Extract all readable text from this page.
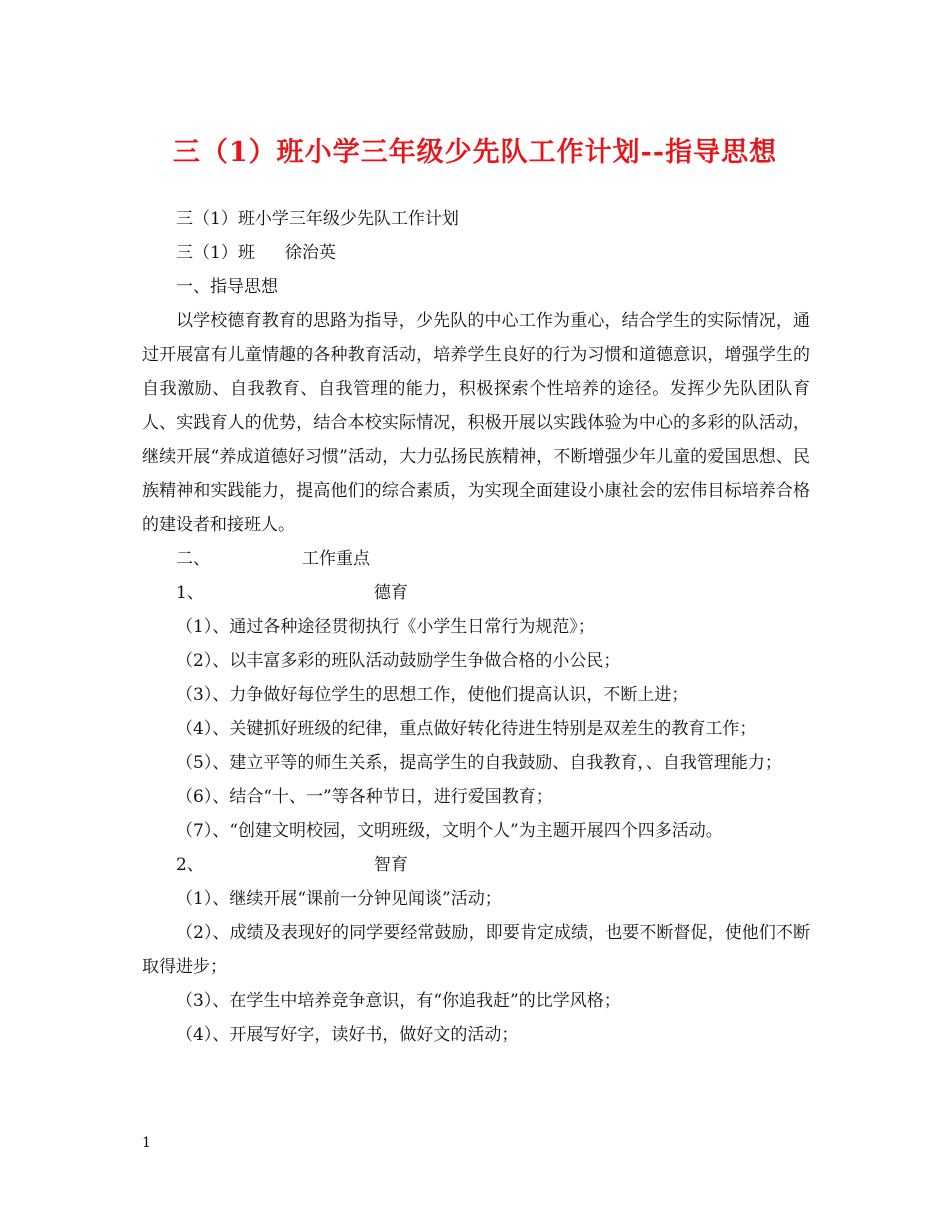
三（1）班小学三年级少先队工作计划--指导思想
三（1）班小学三年级少先队工作计划
三（1）班 徐治英
一、指导思想
以学校德育教育的思路为指导，少先队的中心工作为重心，结合学生的实际情况，通过开展富有儿童情趣的各种教育活动，培养学生良好的行为习惯和道德意识，增强学生的自我激励、自我教育、自我管理的能力，积极探索个性培养的途径。发挥少先队团队育人、实践育人的优势，结合本校实际情况，积极开展以实践体验为中心的多彩的队活动，继续开展“养成道德好习惯”活动，大力弘扬民族精神，不断增强少年儿童的爱国思想、民族精神和实践能力，提高他们的综合素质，为实现全面建设小康社会的宏伟目标培养合格的建设者和接班人。
二、	工作重点
1、	德育
（1）、通过各种途径贯彻执行《小学生日常行为规范》；
（2）、以丰富多彩的班队活动鼓励学生争做合格的小公民；
（3）、力争做好每位学生的思想工作，使他们提高认识，不断上进；
（4）、关键抓好班级的纪律，重点做好转化待进生特别是双差生的教育工作；
（5）、建立平等的师生关系，提高学生的自我鼓励、自我教育，、自我管理能力；
（6）、结合“十、一”等各种节日，进行爱国教育；
（7）、“创建文明校园，文明班级，文明个人”为主题开展四个四多活动。
2、	智育
（1）、继续开展“课前一分钟见闻谈”活动；
（2）、成绩及表现好的同学要经常鼓励，即要肯定成绩，也要不断督促，使他们不断取得进步；
（3）、在学生中培养竞争意识，有“你追我赶”的比学风格；
（4）、开展写好字，读好书，做好文的活动；
1
